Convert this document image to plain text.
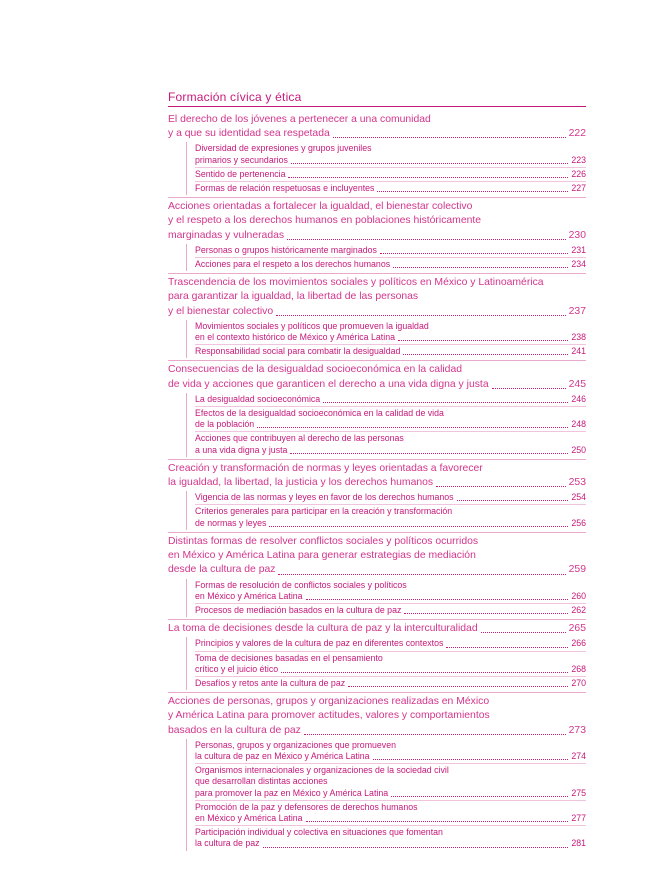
Formación cívica y ética
El derecho de los jóvenes a pertenecer a una comunidad
y a que su identidad sea respetada	222
Diversidad de expresiones y grupos juveniles
primarios y secundarios	223
Sentido de pertenencia	226
Formas de relación respetuosas e incluyentes	227
Acciones orientadas a fortalecer la igualdad, el bienestar colectivo
y el respeto a los derechos humanos en poblaciones históricamente
marginadas y vulneradas	230
Personas o grupos históricamente marginados	231
Acciones para el respeto a los derechos humanos	234
Trascendencia de los movimientos sociales y políticos en México y Latinoamérica
para garantizar la igualdad, la libertad de las personas
y el bienestar colectivo	237
Movimientos sociales y políticos que promueven la igualdad
en el contexto histórico de México y América Latina	238
Responsabilidad social para combatir la desigualdad	241
Consecuencias de la desigualdad socioeconómica en la calidad
de vida y acciones que garanticen el derecho a una vida digna y justa	245
La desigualdad socioeconómica	246
Efectos de la desigualdad socioeconómica en la calidad de vida
de la población	248
Acciones que contribuyen al derecho de las personas
a una vida digna y justa	250
Creación y transformación de normas y leyes orientadas a favorecer
la igualdad, la libertad, la justicia y los derechos humanos	253
Vigencia de las normas y leyes en favor de los derechos humanos	254
Criterios generales para participar en la creación y transformación
de normas y leyes	256
Distintas formas de resolver conflictos sociales y políticos ocurridos
en México y América Latina para generar estrategias de mediación
desde la cultura de paz	259
Formas de resolución de conflictos sociales y políticos
en México y América Latina	260
Procesos de mediación basados en la cultura de paz	262
La toma de decisiones desde la cultura de paz y la interculturalidad	265
Principios y valores de la cultura de paz en diferentes contextos	266
Toma de decisiones basadas en el pensamiento
crítico y el juicio ético	268
Desafíos y retos ante la cultura de paz	270
Acciones de personas, grupos y organizaciones realizadas en México
y América Latina para promover actitudes, valores y comportamientos
basados en la cultura de paz	273
Personas, grupos y organizaciones que promueven
la cultura de paz en México y América Latina	274
Organismos internacionales y organizaciones de la sociedad civil
que desarrollan distintas acciones
para promover la paz en México y América Latina	275
Promoción de la paz y defensores de derechos humanos
en México y América Latina	277
Participación individual y colectiva en situaciones que fomentan
la cultura de paz	281
